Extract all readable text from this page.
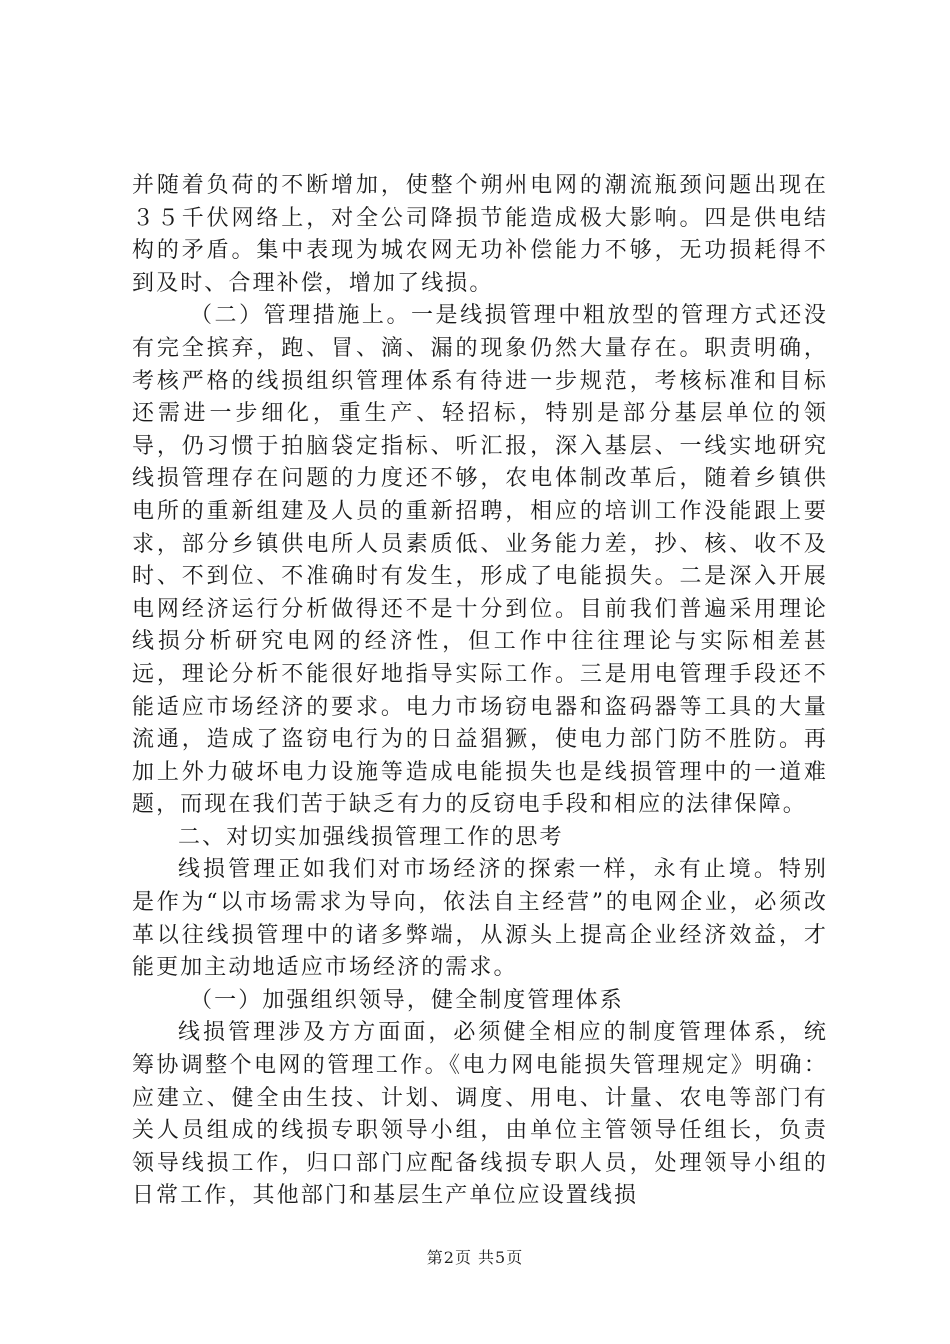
并随着负荷的不断增加，使整个朔州电网的潮流瓶颈问题出现在３５千伏网络上，对全公司降损节能造成极大影响。四是供电结构的矛盾。集中表现为城农网无功补偿能力不够，无功损耗得不到及时、合理补偿，增加了线损。

（二）管理措施上。一是线损管理中粗放型的管理方式还没有完全摈弃，跑、冒、滴、漏的现象仍然大量存在。职责明确，考核严格的线损组织管理体系有待进一步规范，考核标准和目标还需进一步细化，重生产、轻招标，特别是部分基层单位的领导，仍习惯于拍脑袋定指标、听汇报，深入基层、一线实地研究线损管理存在问题的力度还不够，农电体制改革后，随着乡镇供电所的重新组建及人员的重新招聘，相应的培训工作没能跟上要求，部分乡镇供电所人员素质低、业务能力差，抄、核、收不及时、不到位、不准确时有发生，形成了电能损失。二是深入开展电网经济运行分析做得还不是十分到位。目前我们普遍采用理论线损分析研究电网的经济性，但工作中往往理论与实际相差甚远，理论分析不能很好地指导实际工作。三是用电管理手段还不能适应市场经济的要求。电力市场窃电器和盗码器等工具的大量流通，造成了盗窃电行为的日益猖獗，使电力部门防不胜防。再加上外力破坏电力设施等造成电能损失也是线损管理中的一道难题，而现在我们苦于缺乏有力的反窃电手段和相应的法律保障。

二、对切实加强线损管理工作的思考

线损管理正如我们对市场经济的探索一样，永有止境。特别是作为“以市场需求为导向，依法自主经营”的电网企业，必须改革以往线损管理中的诸多弊端，从源头上提高企业经济效益，才能更加主动地适应市场经济的需求。

（一）加强组织领导，健全制度管理体系

线损管理涉及方方面面，必须健全相应的制度管理体系，统筹协调整个电网的管理工作。《电力网电能损失管理规定》明确：应建立、健全由生技、计划、调度、用电、计量、农电等部门有关人员组成的线损专职领导小组，由单位主管领导任组长，负责领导线损工作，归口部门应配备线损专职人员，处理领导小组的日常工作，其他部门和基层生产单位应设置线损

第2页 共5页
